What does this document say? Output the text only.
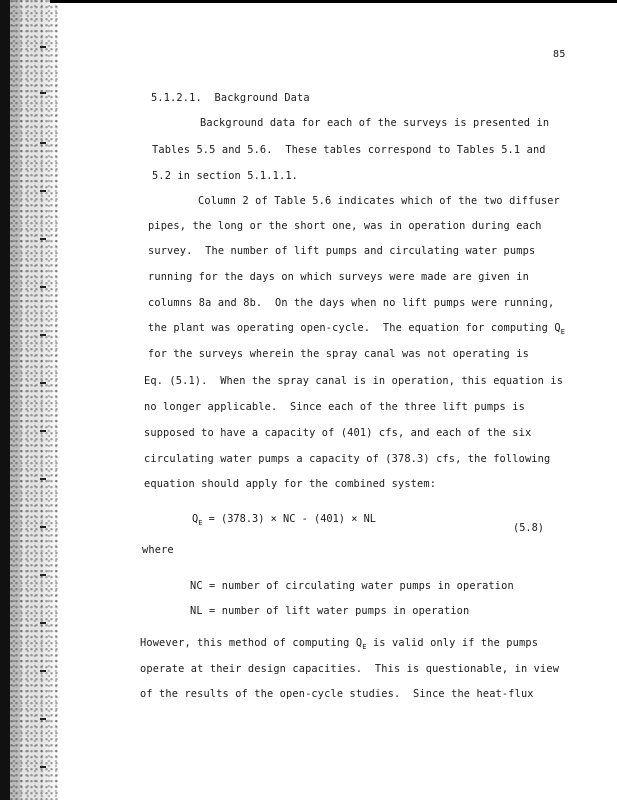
85
5.1.2.1.  Background Data
Background data for each of the surveys is presented in
Tables 5.5 and 5.6.  These tables correspond to Tables 5.1 and
5.2 in section 5.1.1.1.
Column 2 of Table 5.6 indicates which of the two diffuser
pipes, the long or the short one, was in operation during each
survey.  The number of lift pumps and circulating water pumps
running for the days on which surveys were made are given in
columns 8a and 8b.  On the days when no lift pumps were running,
the plant was operating open-cycle.  The equation for computing $Q_E$
for the surveys wherein the spray canal was not operating is
Eq. (5.1).  When the spray canal is in operation, this equation is
no longer applicable.  Since each of the three lift pumps is
supposed to have a capacity of (401) cfs, and each of the six
circulating water pumps a capacity of (378.3) cfs, the following
equation should apply for the combined system:
$Q_E = (378.3)$ × NC - (401) × NL
(5.8)
where
NC = number of circulating water pumps in operation
NL = number of lift water pumps in operation
However, this method of computing $Q_E$ is valid only if the pumps
operate at their design capacities.  This is questionable, in view
of the results of the open-cycle studies.  Since the heat-flux
